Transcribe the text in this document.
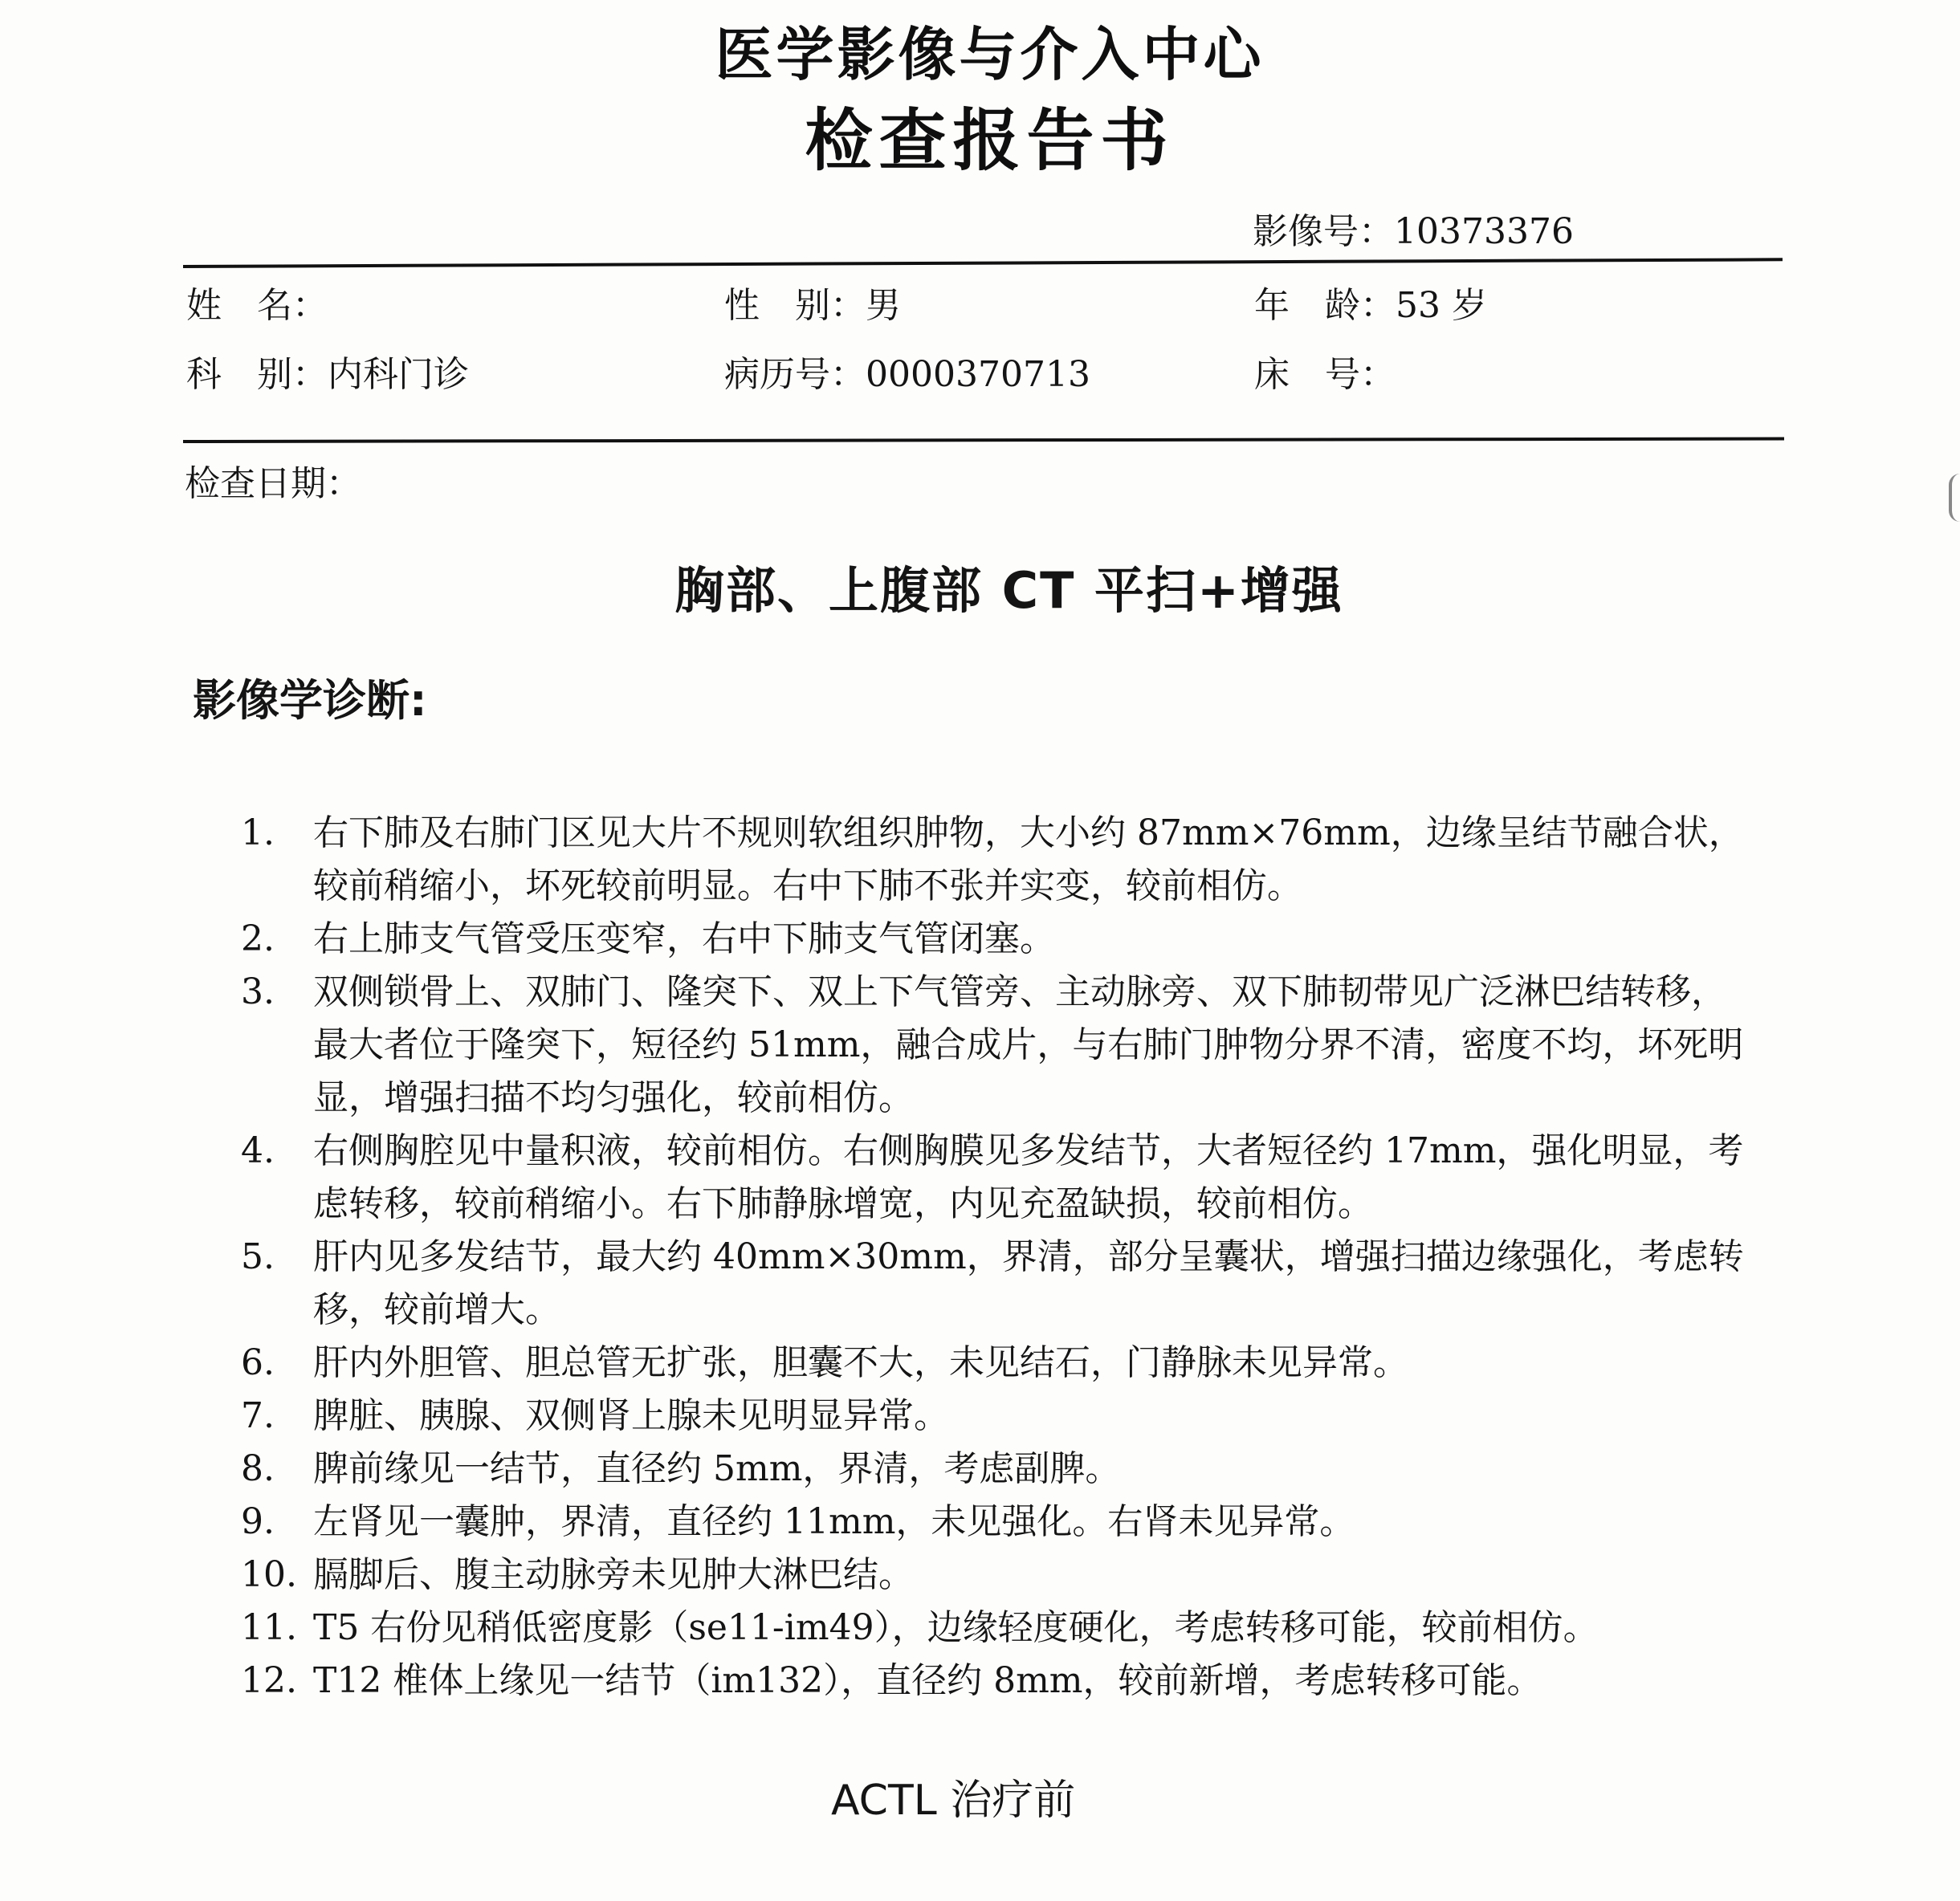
医学影像与介入中心
检查报告书
影像号：10373376
姓　名：	性　别：男	年　龄：53 岁
科　别：内科门诊	病历号：0000370713	床　号：
检查日期：
胸部、上腹部 CT 平扫+增强
影像学诊断:
1. 右下肺及右肺门区见大片不规则软组织肿物，大小约 87mm×76mm，边缘呈结节融合状，较前稍缩小，坏死较前明显。右中下肺不张并实变，较前相仿。
2. 右上肺支气管受压变窄，右中下肺支气管闭塞。
3. 双侧锁骨上、双肺门、隆突下、双上下气管旁、主动脉旁、双下肺韧带见广泛淋巴结转移，最大者位于隆突下，短径约 51mm，融合成片，与右肺门肿物分界不清，密度不均，坏死明显，增强扫描不均匀强化，较前相仿。
4. 右侧胸腔见中量积液，较前相仿。右侧胸膜见多发结节，大者短径约 17mm，强化明显，考虑转移，较前稍缩小。右下肺静脉增宽，内见充盈缺损，较前相仿。
5. 肝内见多发结节，最大约 40mm×30mm，界清，部分呈囊状，增强扫描边缘强化，考虑转移，较前增大。
6. 肝内外胆管、胆总管无扩张，胆囊不大，未见结石，门静脉未见异常。
7. 脾脏、胰腺、双侧肾上腺未见明显异常。
8. 脾前缘见一结节，直径约 5mm，界清，考虑副脾。
9. 左肾见一囊肿，界清，直径约 11mm，未见强化。右肾未见异常。
10. 膈脚后、腹主动脉旁未见肿大淋巴结。
11. T5 右份见稍低密度影（se11-im49），边缘轻度硬化，考虑转移可能，较前相仿。
12. T12 椎体上缘见一结节（im132），直径约 8mm，较前新增，考虑转移可能。
ACTL 治疗前
